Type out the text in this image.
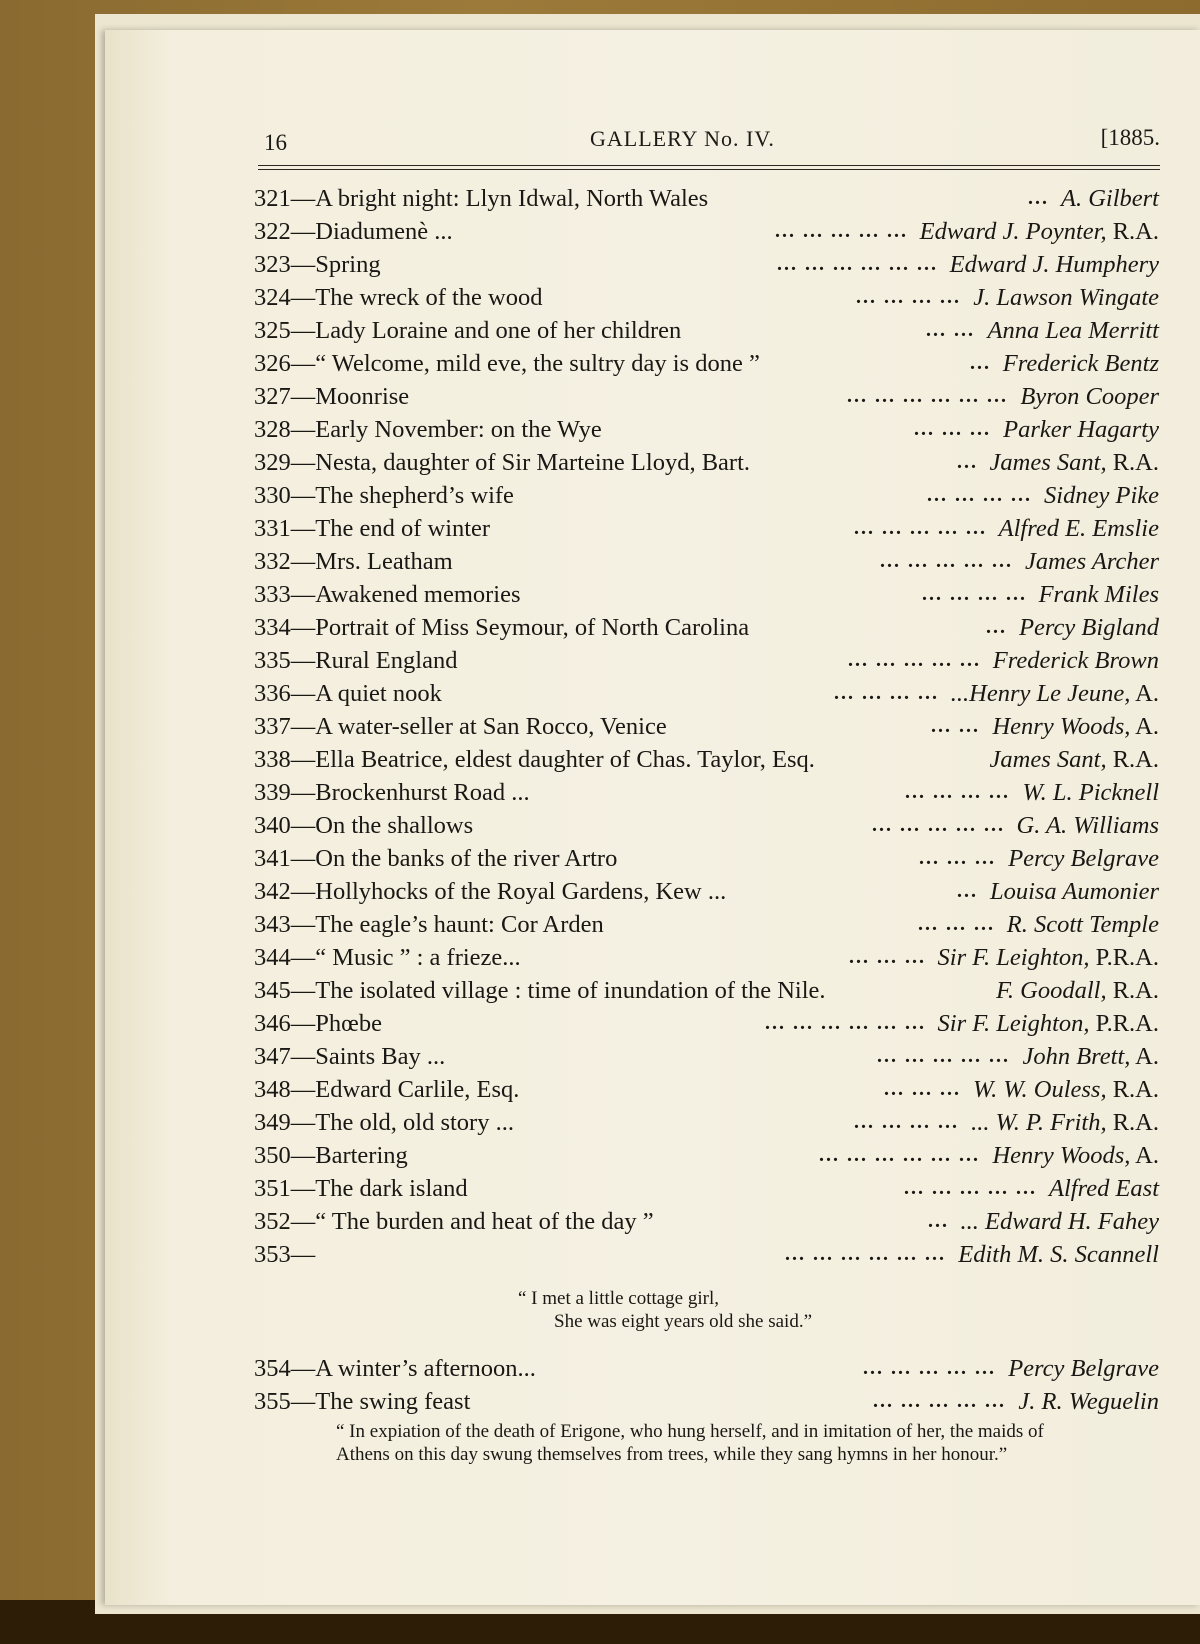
16	GALLERY No. IV.	[1885.
321—A bright night: Llyn Idwal, North Wales	A. Gilbert
...
322—Diadumenè ...	Edward J. Poynter, R.A.
... ... ... ... ...
323—Spring	Edward J. Humphery
... ... ... ... ... ...
324—The wreck of the wood	J. Lawson Wingate
... ... ... ...
325—Lady Loraine and one of her children	Anna Lea Merritt
... ...
326—“ Welcome, mild eve, the sultry day is done ”	Frederick Bentz
...
327—Moonrise	Byron Cooper
... ... ... ... ... ...
328—Early November: on the Wye	Parker Hagarty
... ... ...
329—Nesta, daughter of Sir Marteine Lloyd, Bart.	James Sant, R.A.
...
330—The shepherd’s wife	Sidney Pike
... ... ... ...
331—The end of winter	Alfred E. Emslie
... ... ... ... ...
332—Mrs. Leatham	James Archer
... ... ... ... ...
333—Awakened memories	Frank Miles
... ... ... ...
334—Portrait of Miss Seymour, of North Carolina	Percy Bigland
...
335—Rural England	Frederick Brown
... ... ... ... ...
336—A quiet nook	...Henry Le Jeune, A.
... ... ... ...
337—A water-seller at San Rocco, Venice	Henry Woods, A.
... ...
338—Ella Beatrice, eldest daughter of Chas. Taylor, Esq.	James Sant, R.A.
339—Brockenhurst Road ...	W. L. Picknell
... ... ... ...
340—On the shallows	G. A. Williams
... ... ... ... ...
341—On the banks of the river Artro	Percy Belgrave
... ... ...
342—Hollyhocks of the Royal Gardens, Kew ...	Louisa Aumonier
...
343—The eagle’s haunt: Cor Arden	R. Scott Temple
... ... ...
344—“ Music ” : a frieze...	Sir F. Leighton, P.R.A.
... ... ...
345—The isolated village : time of inundation of the Nile.	F. Goodall, R.A.
346—Phœbe	Sir F. Leighton, P.R.A.
... ... ... ... ... ...
347—Saints Bay ...	John Brett, A.
... ... ... ... ...
348—Edward Carlile, Esq.	W. W. Ouless, R.A.
... ... ...
349—The old, old story ...	... W. P. Frith, R.A.
... ... ... ...
350—Bartering	Henry Woods, A.
... ... ... ... ... ...
351—The dark island	Alfred East
... ... ... ... ...
352—“ The burden and heat of the day ”	... Edward H. Fahey
...
353—	Edith M. S. Scannell
... ... ... ... ... ...
“ I met a little cottage girl,
She was eight years old she said.”
354—A winter’s afternoon...	Percy Belgrave
... ... ... ... ...
355—The swing feast	J. R. Weguelin
... ... ... ... ...
“ In expiation of the death of Erigone, who hung herself, and in imitation of her, the maids of Athens on this day swung themselves from trees, while they sang hymns in her honour.”
